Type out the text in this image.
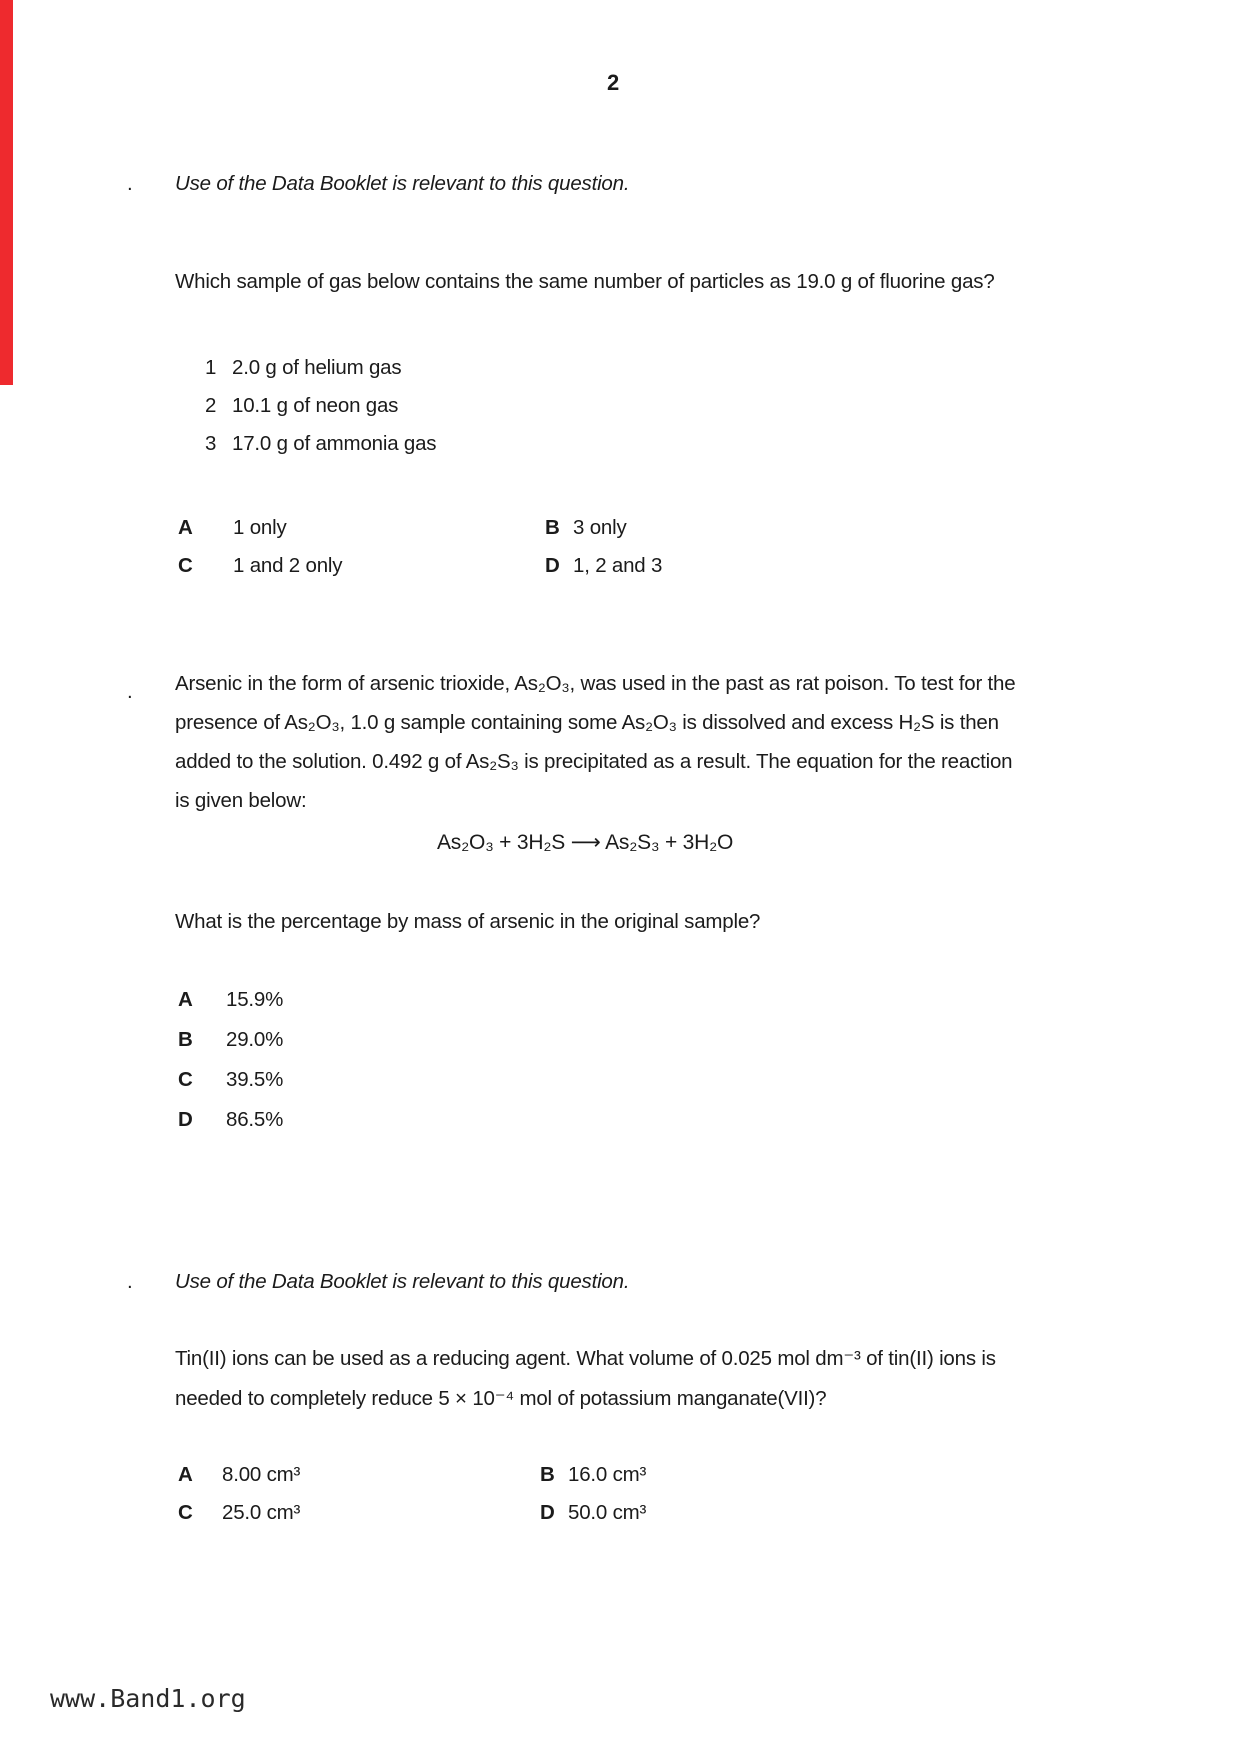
2
. Use of the Data Booklet is relevant to this question.
Which sample of gas below contains the same number of particles as 19.0 g of fluorine gas?
1 2.0 g of helium gas
2 10.1 g of neon gas
3 17.0 g of ammonia gas
A 1 only	B 3 only
C 1 and 2 only	D 1, 2 and 3
. Arsenic in the form of arsenic trioxide, As₂O₃, was used in the past as rat poison. To test for the
presence of As₂O₃, 1.0 g sample containing some As₂O₃ is dissolved and excess H₂S is then
added to the solution. 0.492 g of As₂S₃ is precipitated as a result. The equation for the reaction
is given below:
As₂O₃ + 3H₂S ⟶ As₂S₃ + 3H₂O
What is the percentage by mass of arsenic in the original sample?
A 15.9%
B 29.0%
C 39.5%
D 86.5%
. Use of the Data Booklet is relevant to this question.
Tin(II) ions can be used as a reducing agent. What volume of 0.025 mol dm⁻³ of tin(II) ions is
needed to completely reduce 5 × 10⁻⁴ mol of potassium manganate(VII)?
A 8.00 cm³	B 16.0 cm³
C 25.0 cm³	D 50.0 cm³
www.Band1.org
